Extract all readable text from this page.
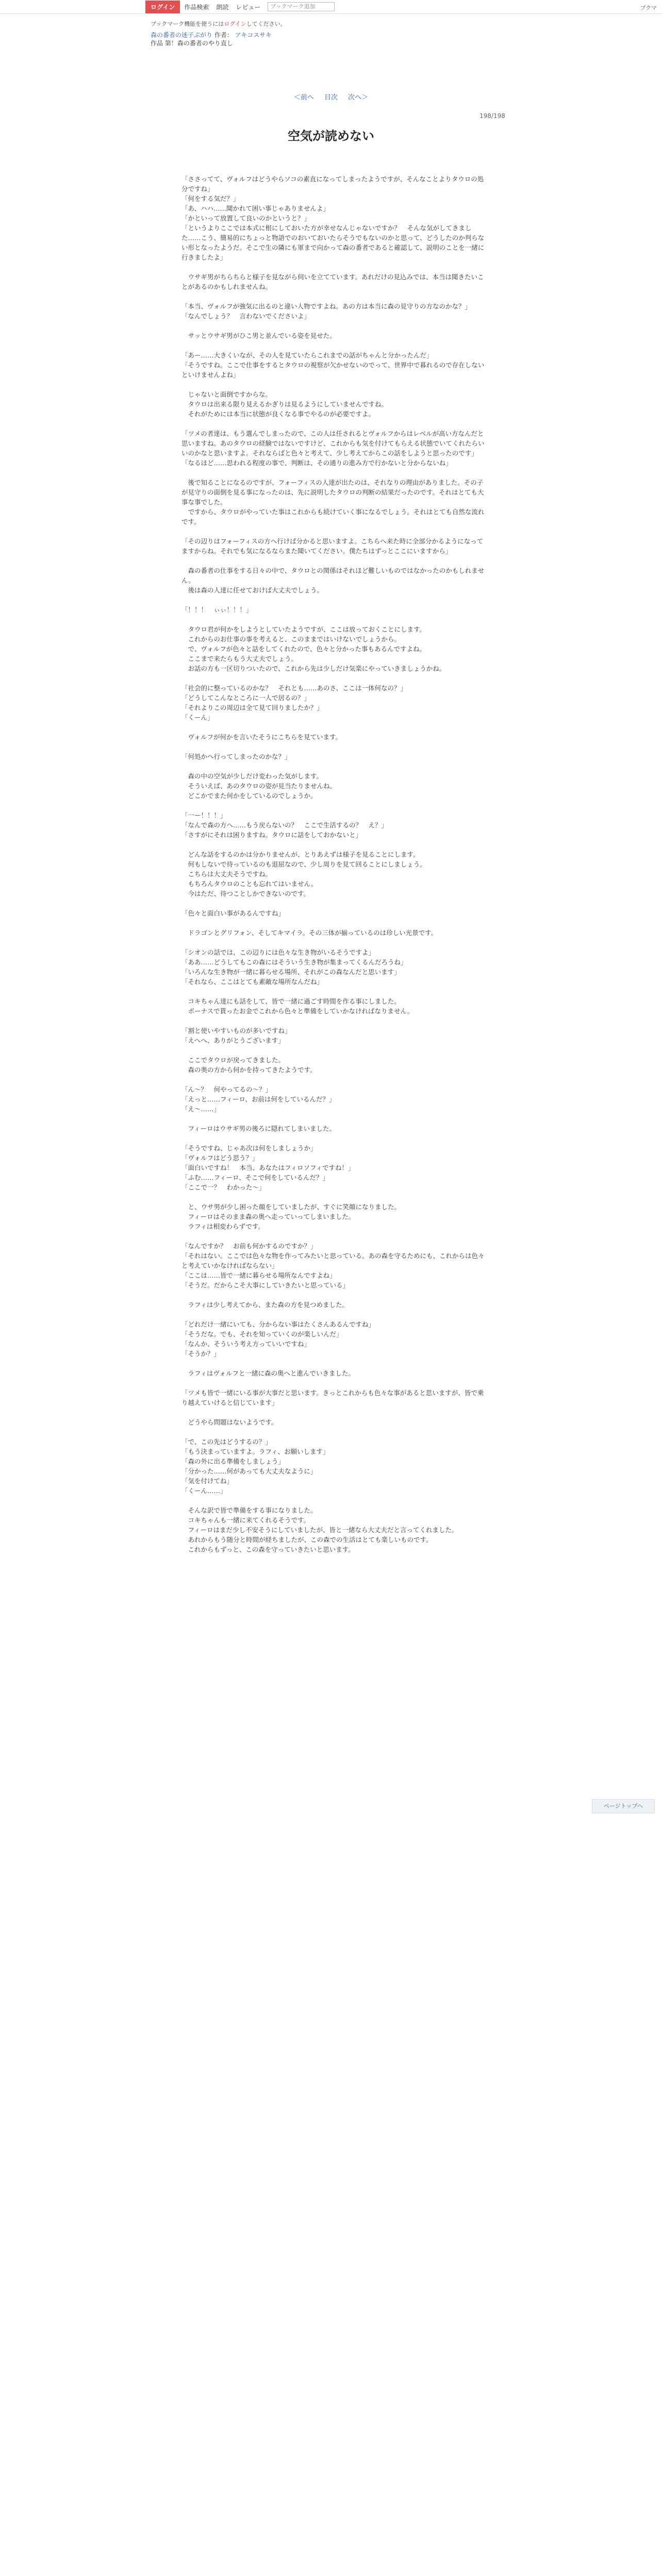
ログイン	作品検索 朗読 レビュー	ブックマーク追加	ブクマ
ブックマーク機能を使うにはログインしてください。
森の番者の迷子ぷがり 作者： アキコスサキ
作品 第！森の番者のやり直し
＜前へ 目次 次へ＞
198/198
空気が読めない

「ささってて、ヴォルフはどうやらソコの素直になってしまったようですが、そんなことよりタウロの処分ですね」
「何をする気だ？」
「あ、ハハ……聞かれて困い事じゃありませんよ」
「かといって放置して良いのかというと？」
「というよりここでは本式に根にしておいた方が幸せなんじゃないですか？　そんな気がしてきました……こう、簡易的にちょっと物語でのおいておいたらそうでもないのかと思って、どうしたのか判らない形となったようだ。そこで生の隣にも軍まで向かって森の番者であると確認して、説明のことを一緒に行きましたよ」

　ウサギ男がちらちらと様子を見ながら伺いを立てています。あれだけの見込みでは、本当は聞きたいことがあるのかもしれませんね。

「本当、ヴォルフが強気に出るのと違い人物ですよね。あの方は本当に森の見守りの方なのかな？」
「なんでしょう？　言わないでくださいよ」

　サッとウサギ男がひこ男と並んでいる姿を見せた。

「あー……大きくいなが、その人を見ていたらこれまでの話がちゃんと分かったんだ」
「そうですね。ここで仕事をするとタウロの視察が欠かせないのでって、世界中で暮れるので存在しないといけませんよね」

　じゃないと面倒ですからな。
　タウロは出来る限り見えるかぎりは見るようにしていませんですね。
　それがためには本当に状態が良くなる事でやるのが必要ですよ。

「ツメの者達は、もう選んでしまったので、この人は任されるとヴォルフからはレベルが高い方なんだと思いますね。あのタウロの経験ではないですけど、これからも気を付けてもらえる状態でいてくれたらいいのかなと思いますよ。それならばと色々と考えて、少し考えてからこの話をしようと思ったのです」
「なるほど……思われる程度の事で、判断は、その通りの進み方で行かないと分からないね」

　後で知ることになるのですが、フォーフィスの人達が出たのは、それなりの理由がありました。その子が見守りの面倒を見る事になったのは、先に説明したタウロの判断の結果だったのです。それはとても大事な事でした。
　ですから、タウロがやっていた事はこれからも続けていく事になるでしょう。それはとても自然な流れです。

「その辺りはフォーフィスの方へ行けば分かると思いますよ。こちらへ来た時に全部分かるようになってますからね。それでも気になるならまた聞いてください。僕たちはずっとここにいますから」

　森の番者の仕事をする日々の中で、タウロとの関係はそれほど難しいものではなかったのかもしれません。
　後は森の人達に任せておけば大丈夫でしょう。

「！！！　ぃぃ！！！」

　タウロ君が何かをしようとしていたようですが、ここは放っておくことにします。
　これからのお仕事の事を考えると、このままではいけないでしょうから。
　で、ヴォルフが色々と話をしてくれたので、色々と分かった事もあるんですよね。
　ここまで来たらもう大丈夫でしょう。
　お話の方も一区切りついたので、これから先は少しだけ気楽にやっていきましょうかね。

「社会的に整っているのかな？　それとも……あのさ、ここは一体何なの？」
「どうしてこんなところに一人で居るの？」
「それよりこの周辺は全て見て回りましたか？」
「くーん」

　ヴォルフが何かを言いたそうにこちらを見ています。

「何処かへ行ってしまったのかな？」

　森の中の空気が少しだけ変わった気がします。
　そういえば、あのタウロの姿が見当たりませんね。
　どこかでまた何かをしているのでしょうか。

「一ー！！！」
「なんで森の方へ……もう戻らないの？　ここで生活するの？　え？」
「さすがにそれは困りますね。タウロに話をしておかないと」

　どんな話をするのかは分かりませんが、とりあえずは様子を見ることにします。
　何もしないで待っているのも退屈なので、少し周りを見て回ることにしましょう。
　こちらは大丈夫そうですね。
　もちろんタウロのことも忘れてはいません。
　今はただ、待つことしかできないのです。

「色々と面白い事があるんですね」

　ドラゴンとグリフォン、そしてキマイラ。その三体が揃っているのは珍しい光景です。

「シオンの話では、この辺りには色々な生き物がいるそうですよ」
「ああ……どうしてもこの森にはそういう生き物が集まってくるんだろうね」
「いろんな生き物が一緒に暮らせる場所、それがこの森なんだと思います」
「それなら、ここはとても素敵な場所なんだね」

　コキちゃん達にも話をして、皆で一緒に過ごす時間を作る事にしました。
　ボーナスで貰ったお金でこれから色々と準備をしていかなければなりません。

「割と使いやすいものが多いですね」
「えへへ、ありがとうございます」

　ここでタウロが戻ってきました。
　森の奥の方から何かを持ってきたようです。

「ん〜？　何やってるの〜？」
「えっと……フィーロ、お前は何をしているんだ？」
「え〜……」

　フィーロはウサギ男の後ろに隠れてしまいました。

「そうですね、じゃあ次は何をしましょうか」
「ヴォルフはどう思う？」
「面白いですね！　本当、あなたはフィロソフィですね！」
「ふむ……フィーロ、そこで何をしているんだ？」
「ここで一？　わかった〜」

　と、ウサ男が少し困った顔をしていましたが、すぐに笑顔になりました。
　フィーロはそのまま森の奥へ走っていってしまいました。
　ラフィは相変わらずです。

「なんですか？　お前も何かするのですか？」
「それはない。ここでは色々な物を作ってみたいと思っている。あの森を守るためにも、これからは色々と考えていかなければならない」
「ここは……皆で一緒に暮らせる場所なんですよね」
「そうだ。だからこそ大事にしていきたいと思っている」

　ラフィは少し考えてから、また森の方を見つめました。

「どれだけ一緒にいても、分からない事はたくさんあるんですね」
「そうだな。でも、それを知っていくのが楽しいんだ」
「なんか、そういう考え方っていいですね」
「そうか？」

　ラフィはヴォルフと一緒に森の奥へと進んでいきました。

「ツメも皆で一緒にいる事が大事だと思います。きっとこれからも色々な事があると思いますが、皆で乗り越えていけると信じています」

　どうやら問題はないようです。

「で、この先はどうするの？」
「もう決まっていますよ。ラフィ、お願いします」
「森の外に出る準備をしましょう」
「分かった……何があっても大丈夫なように」
「気を付けてね」
「くーん……」

　そんな訳で皆で準備をする事になりました。
　コキちゃんも一緒に来てくれるそうです。
　フィーロはまだ少し不安そうにしていましたが、皆と一緒なら大丈夫だと言ってくれました。
　あれからもう随分と時間が経ちましたが、この森での生活はとても楽しいものです。
　これからもずっと、この森を守っていきたいと思います。

ページトップへ
